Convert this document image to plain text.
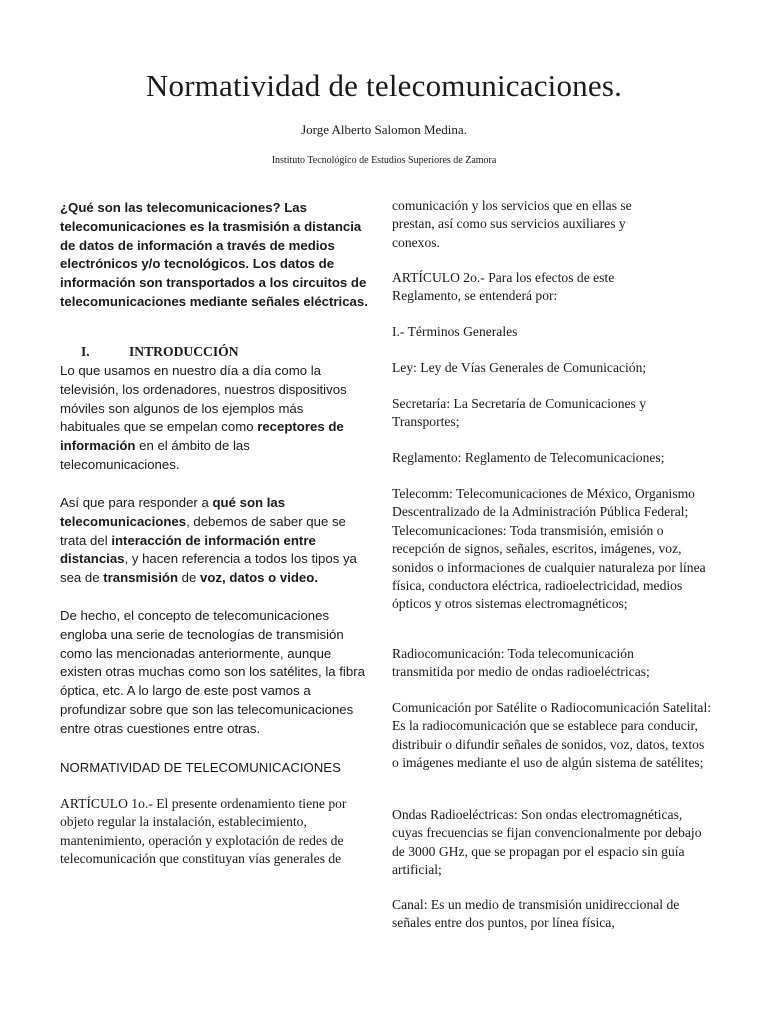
Normatividad de telecomunicaciones.
Jorge Alberto Salomon Medina.
Instituto Tecnológico de Estudios Superiores de Zamora

¿Qué son las telecomunicaciones? Las telecomunicaciones es la trasmisión a distancia de datos de información a través de medios electrónicos y/o tecnológicos. Los datos de información son transportados a los circuitos de telecomunicaciones mediante señales eléctricas.

I.	INTRODUCCIÓN

Lo que usamos en nuestro día a día como la televisión, los ordenadores, nuestros dispositivos móviles son algunos de los ejemplos más habituales que se empelan como receptores de información en el ámbito de las telecomunicaciones.

Así que para responder a qué son las telecomunicaciones, debemos de saber que se trata del interacción de información entre distancias, y hacen referencia a todos los tipos ya sea de transmisión de voz, datos o video.

De hecho, el concepto de telecomunicaciones engloba una serie de tecnologías de transmisión como las mencionadas anteriormente, aunque existen otras muchas como son los satélites, la fibra óptica, etc. A lo largo de este post vamos a profundizar sobre que son las telecomunicaciones entre otras cuestiones entre otras.

NORMATIVIDAD DE TELECOMUNICACIONES

ARTÍCULO 1o.- El presente ordenamiento tiene por objeto regular la instalación, establecimiento, mantenimiento, operación y explotación de redes de telecomunicación que constituyan vías generales de

comunicación y los servicios que en ellas se prestan, así como sus servicios auxiliares y conexos.

ARTÍCULO 2o.- Para los efectos de este Reglamento, se entenderá por:

I.- Términos Generales

Ley: Ley de Vías Generales de Comunicación;

Secretaría: La Secretaría de Comunicaciones y Transportes;

Reglamento: Reglamento de Telecomunicaciones;

Telecomm: Telecomunicaciones de México, Organismo Descentralizado de la Administración Pública Federal; Telecomunicaciones: Toda transmisión, emisión o recepción de signos, señales, escritos, imágenes, voz, sonidos o informaciones de cualquier naturaleza por línea física, conductora eléctrica, radioelectricidad, medios ópticos y otros sistemas electromagnéticos;

Radiocomunicación: Toda telecomunicación transmitida por medio de ondas radioeléctricas;

Comunicación por Satélite o Radiocomunicación Satelital: Es la radiocomunicación que se establece para conducir, distribuir o difundir señales de sonidos, voz, datos, textos o imágenes mediante el uso de algún sistema de satélites;

Ondas Radioeléctricas: Son ondas electromagnéticas, cuyas frecuencias se fijan convencionalmente por debajo de 3000 GHz, que se propagan por el espacio sin guía artificial;

Canal: Es un medio de transmisión unidireccional de señales entre dos puntos, por línea física,
